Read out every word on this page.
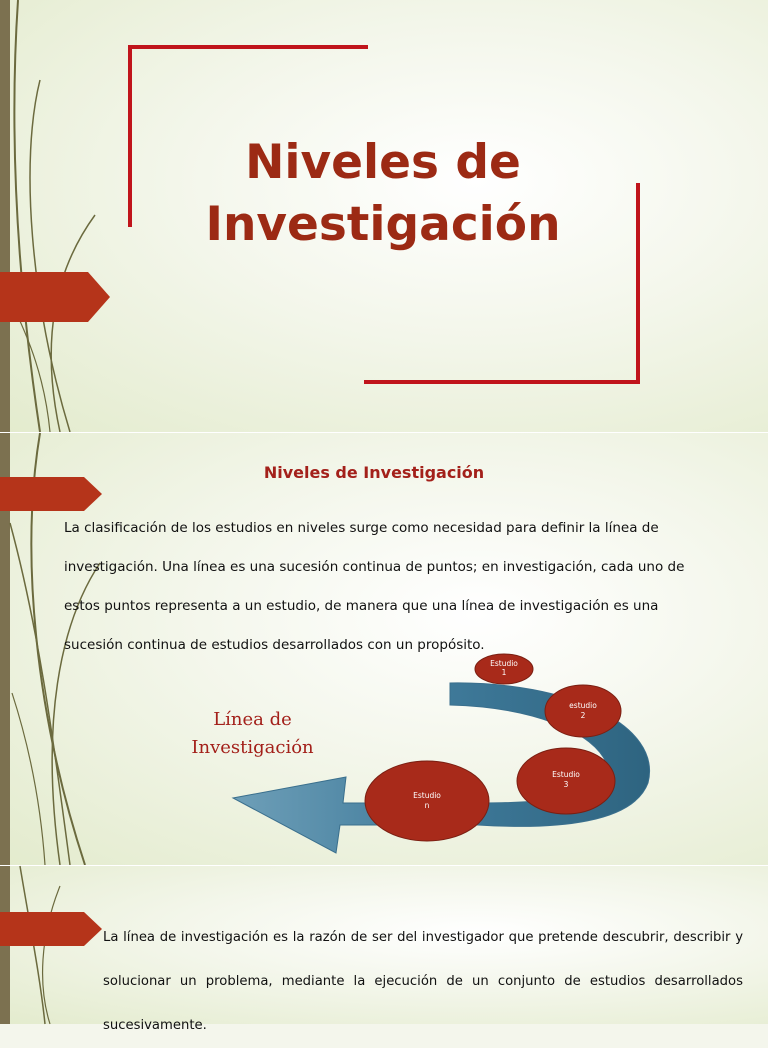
Niveles de
Investigación
Niveles de Investigación
La clasificación de los estudios en niveles surge como necesidad para definir la línea de investigación. Una línea es una sucesión continua de puntos; en investigación, cada uno de estos puntos representa a un estudio, de manera que una línea de investigación es una sucesión continua de estudios desarrollados con un propósito.
Línea de
Investigación
Estudio
1
estudio
2
Estudio
3
Estudio
n
La línea de investigación es la razón de ser del investigador que pretende descubrir, describir y solucionar un problema, mediante la ejecución de un conjunto de estudios desarrollados sucesivamente.
